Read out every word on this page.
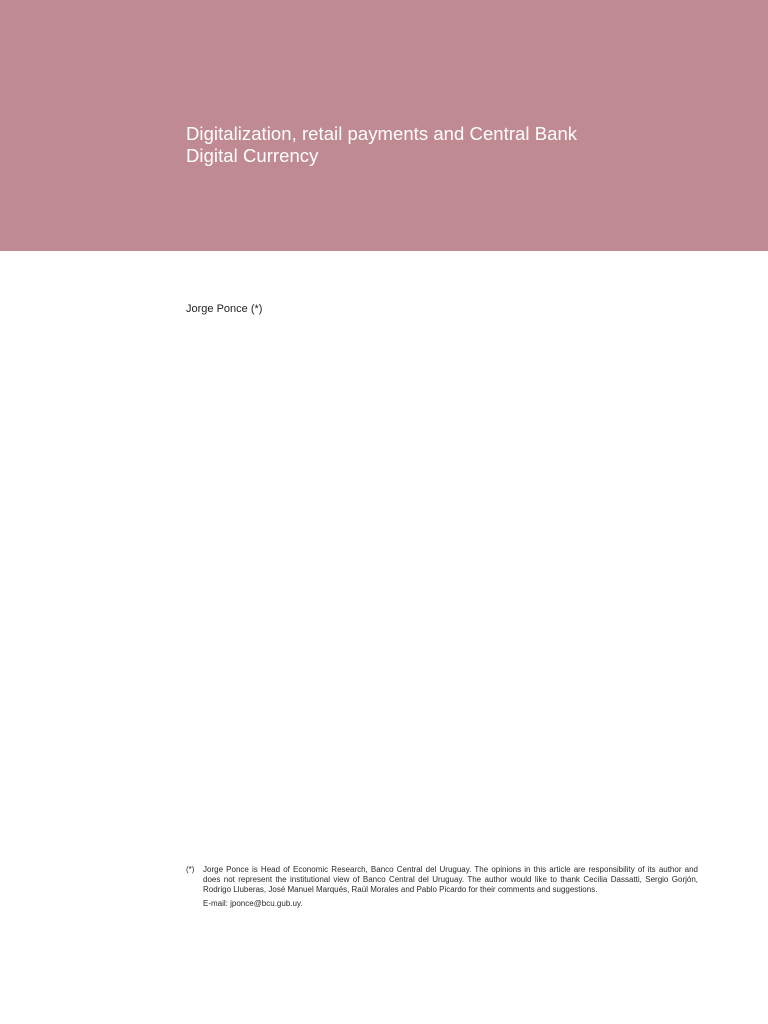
Digitalization, retail payments and Central Bank
Digital Currency
Jorge Ponce (*)
(*) Jorge Ponce is Head of Economic Research, Banco Central del Uruguay. The opinions in this article are responsibility of its author and does not represent the institutional view of Banco Central del Uruguay. The author would like to thank Cecilia Dassatti, Sergio Gorjón, Rodrigo Lluberas, José Manuel Marqués, Raúl Morales and Pablo Picardo for their comments and suggestions.
E-mail: jponce@bcu.gub.uy.
